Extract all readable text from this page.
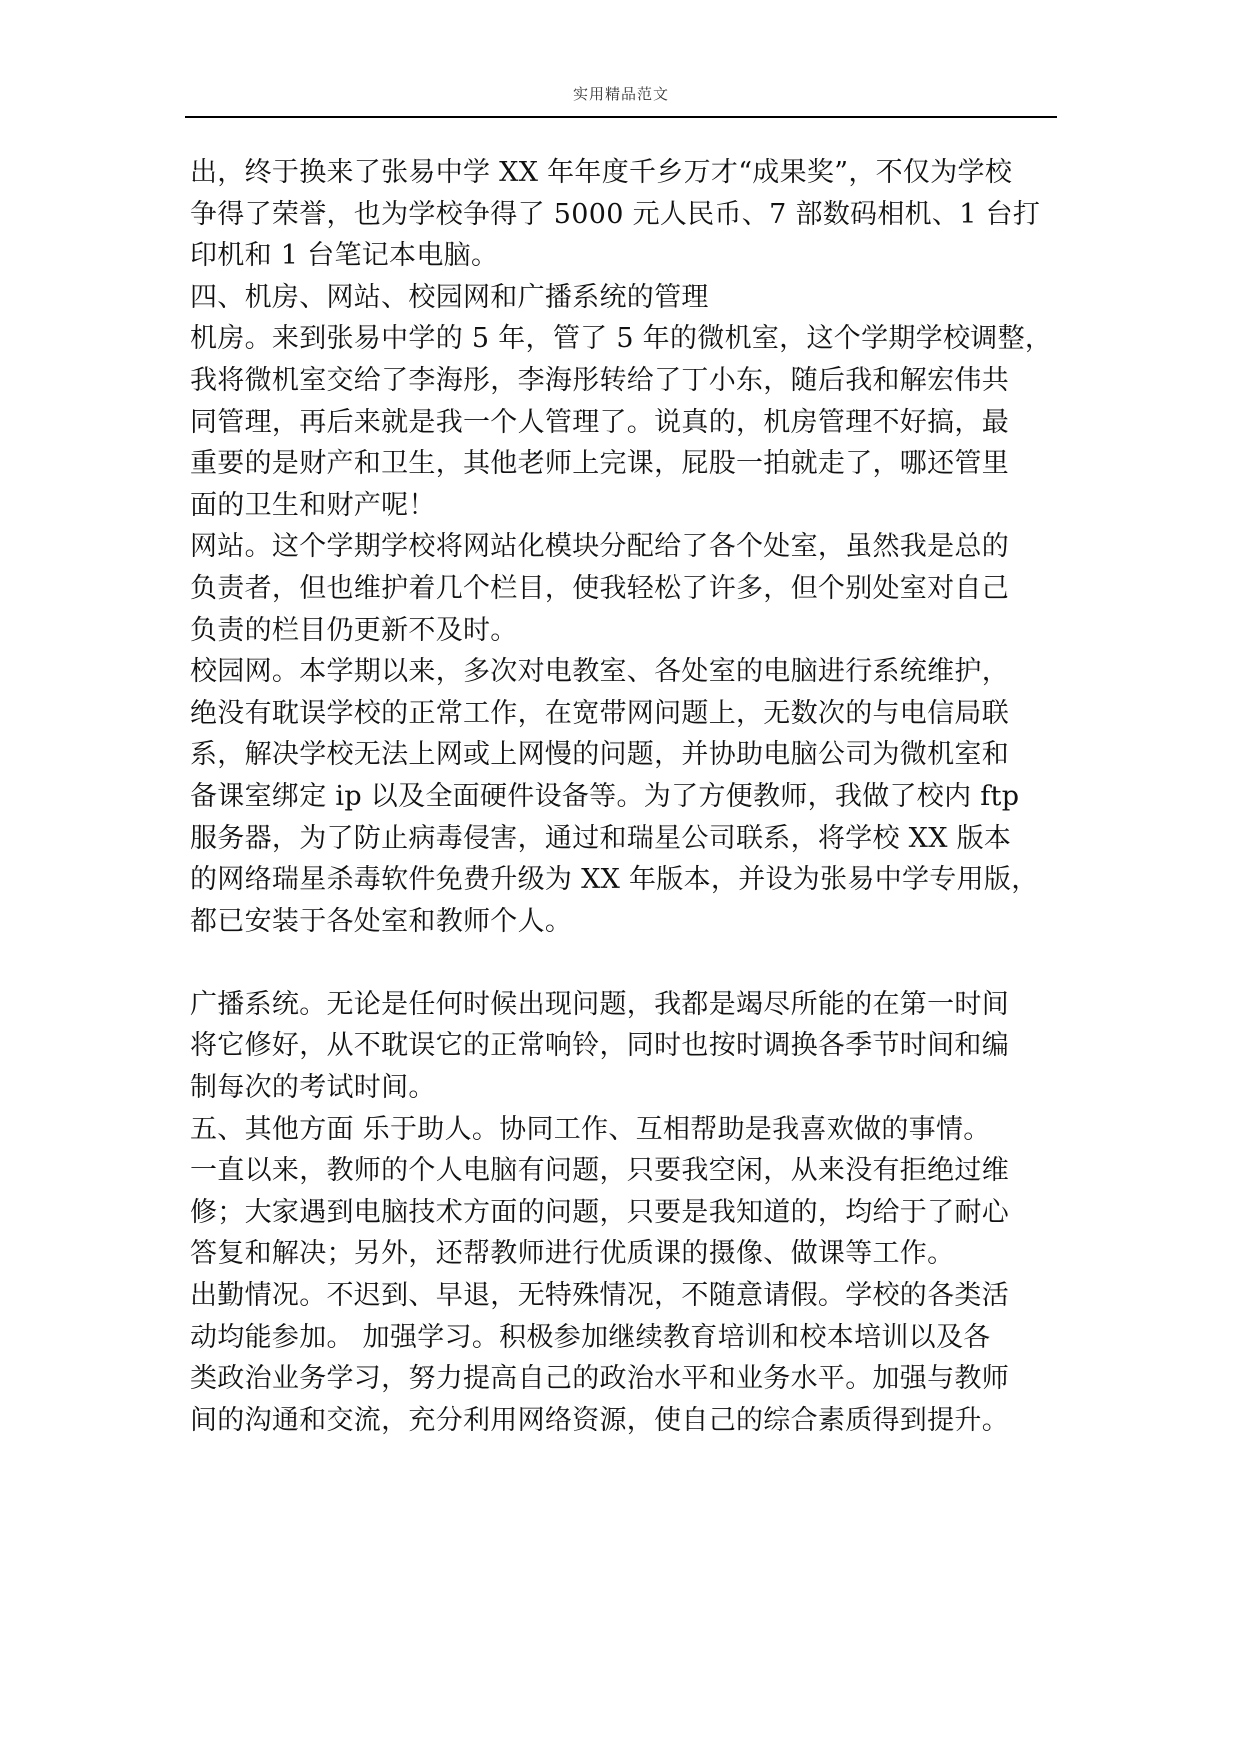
实用精品范文

出，终于换来了张易中学 XX 年年度千乡万才“成果奖”，不仅为学校

争得了荣誉，也为学校争得了 5000 元人民币、7 部数码相机、1 台打

印机和 1 台笔记本电脑。

四、机房、网站、校园网和广播系统的管理

机房。来到张易中学的 5 年，管了 5 年的微机室，这个学期学校调整，

我将微机室交给了李海彤，李海彤转给了丁小东，随后我和解宏伟共

同管理，再后来就是我一个人管理了。说真的，机房管理不好搞，最

重要的是财产和卫生，其他老师上完课，屁股一拍就走了，哪还管里

面的卫生和财产呢！

网站。这个学期学校将网站化模块分配给了各个处室，虽然我是总的

负责者，但也维护着几个栏目，使我轻松了许多，但个别处室对自己

负责的栏目仍更新不及时。

校园网。本学期以来，多次对电教室、各处室的电脑进行系统维护，

绝没有耽误学校的正常工作，在宽带网问题上，无数次的与电信局联

系，解决学校无法上网或上网慢的问题，并协助电脑公司为微机室和

备课室绑定 ip 以及全面硬件设备等。为了方便教师，我做了校内 ftp

服务器，为了防止病毒侵害，通过和瑞星公司联系，将学校 XX 版本

的网络瑞星杀毒软件免费升级为 XX 年版本，并设为张易中学专用版，

都已安装于各处室和教师个人。

广播系统。无论是任何时候出现问题，我都是竭尽所能的在第一时间

将它修好，从不耽误它的正常响铃，同时也按时调换各季节时间和编

制每次的考试时间。

五、其他方面 乐于助人。协同工作、互相帮助是我喜欢做的事情。

一直以来，教师的个人电脑有问题，只要我空闲，从来没有拒绝过维

修；大家遇到电脑技术方面的问题，只要是我知道的，均给于了耐心

答复和解决；另外，还帮教师进行优质课的摄像、做课等工作。

出勤情况。不迟到、早退，无特殊情况，不随意请假。学校的各类活

动均能参加。 加强学习。积极参加继续教育培训和校本培训以及各

类政治业务学习，努力提高自己的政治水平和业务水平。加强与教师

间的沟通和交流，充分利用网络资源，使自己的综合素质得到提升。
